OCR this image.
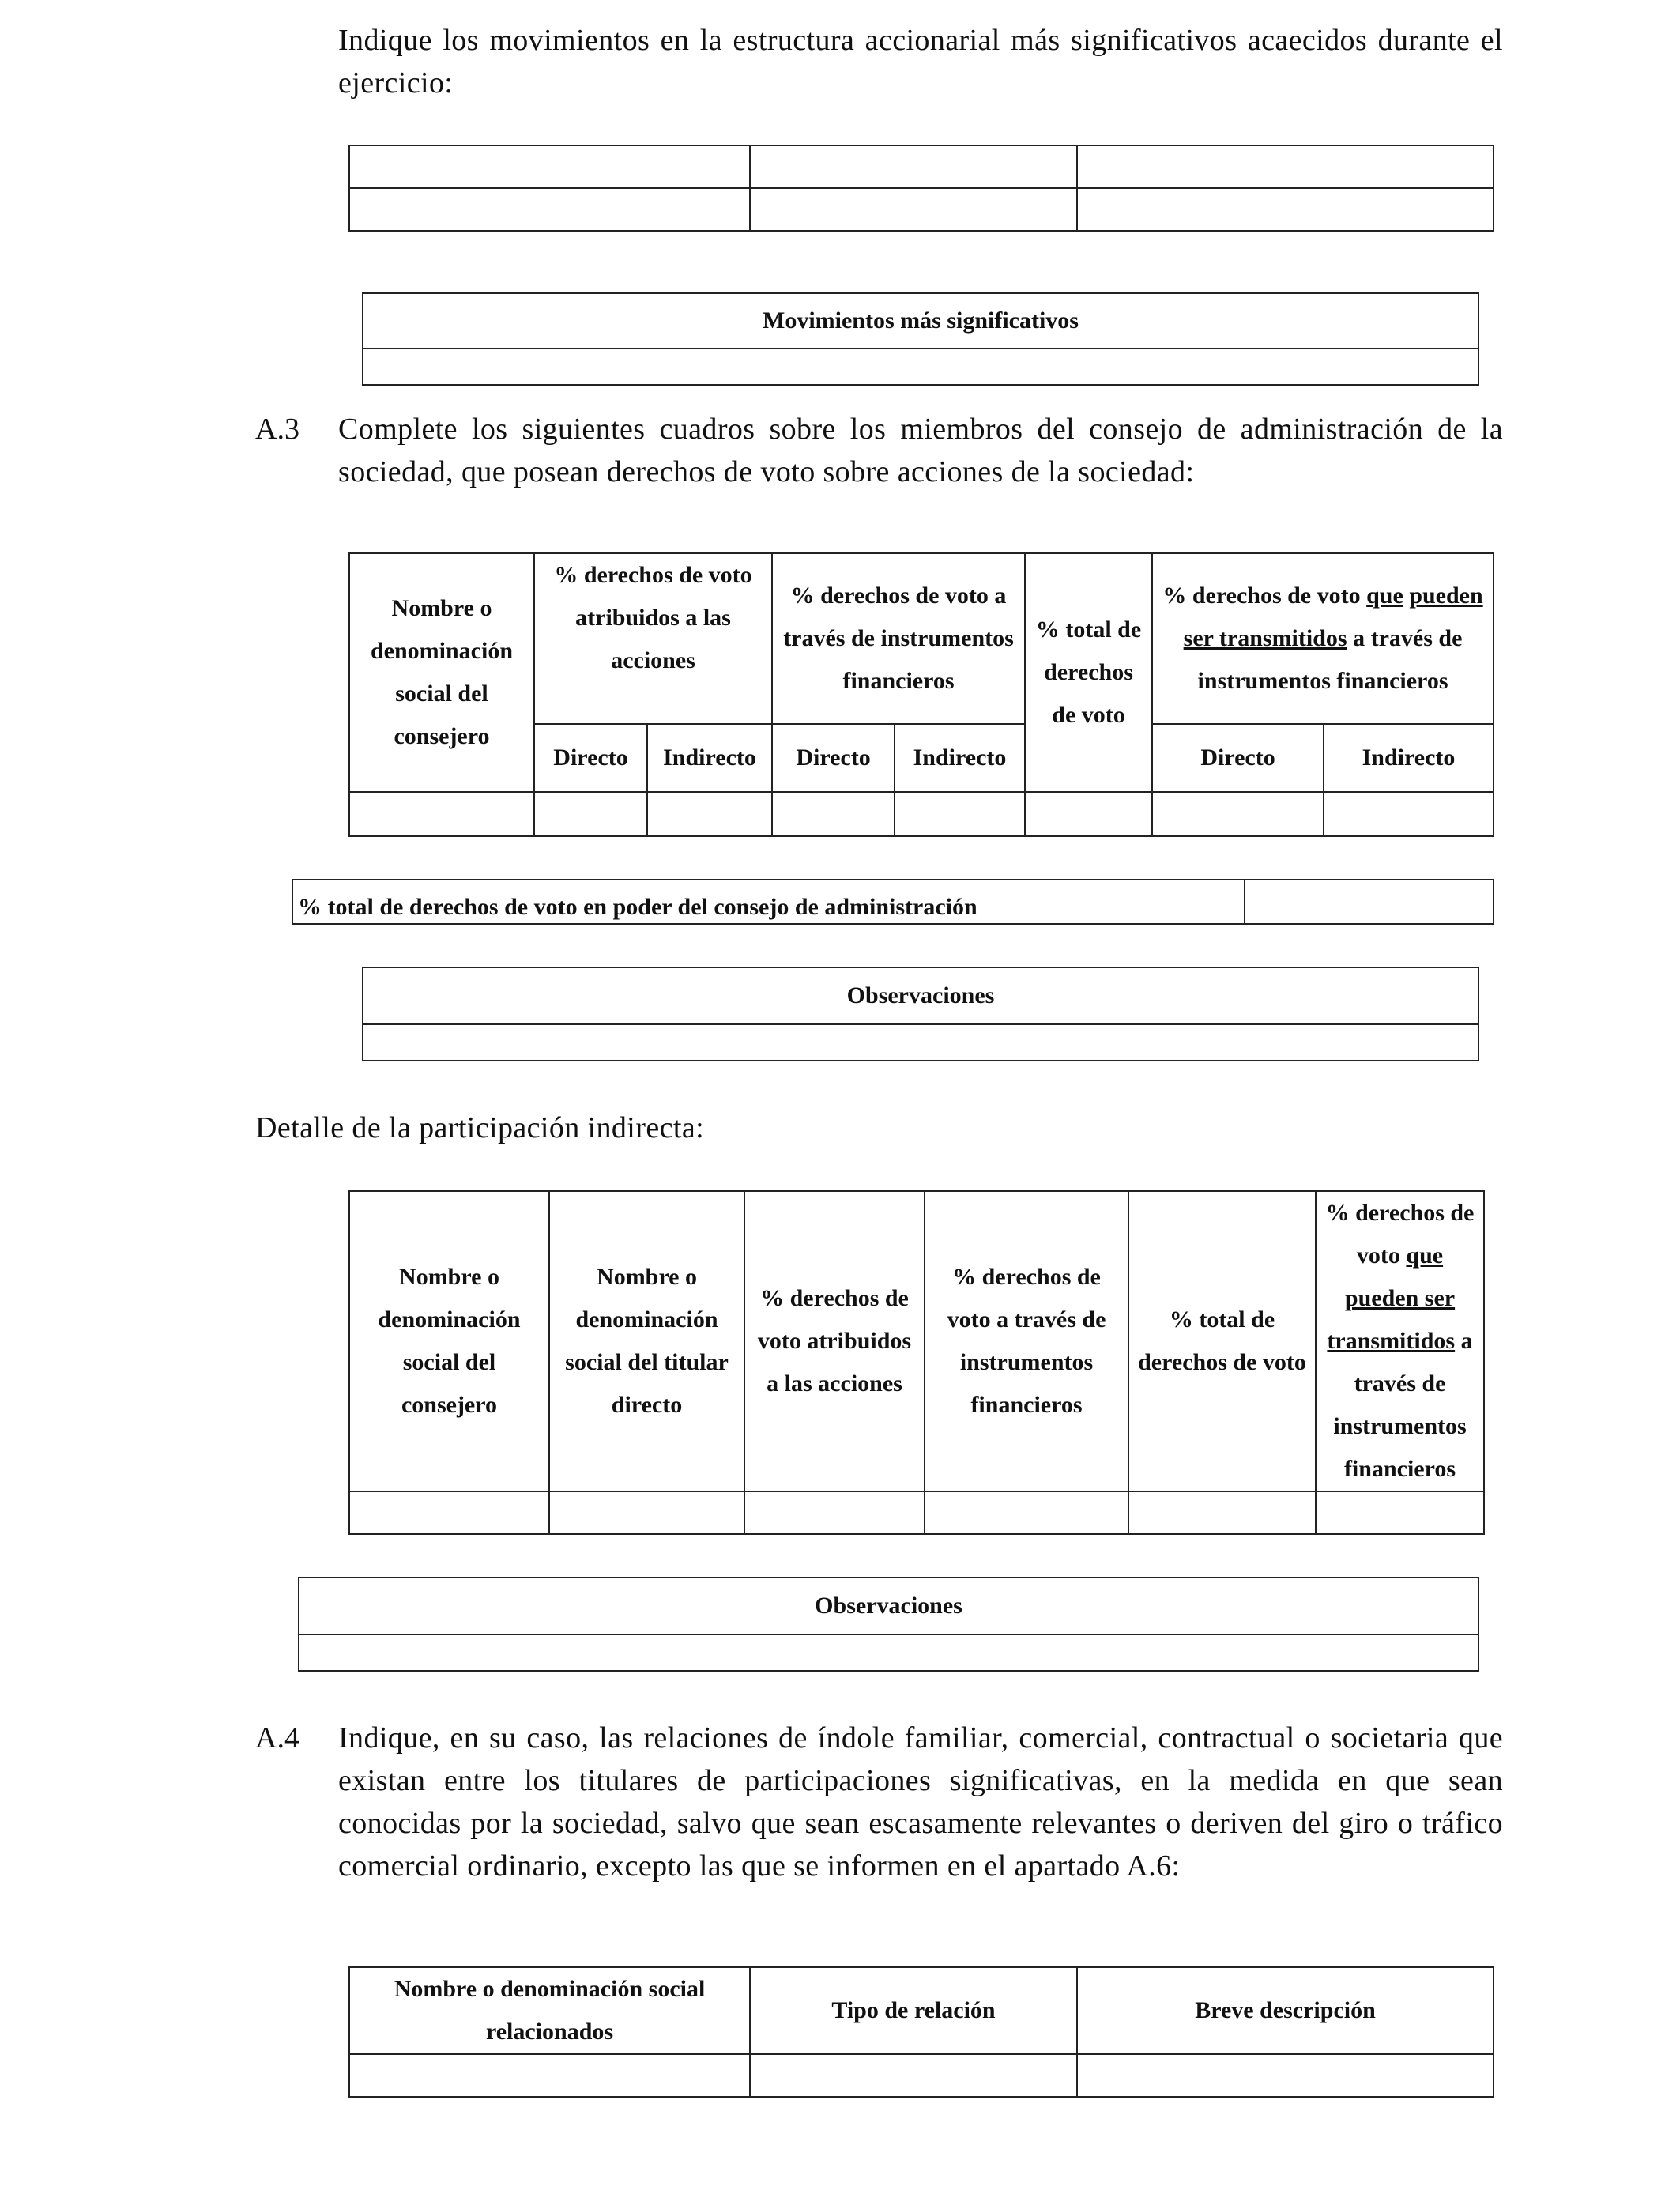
Indique los movimientos en la estructura accionarial más significativos acaecidos durante el ejercicio:

Movimientos más significativos

A.3 Complete los siguientes cuadros sobre los miembros del consejo de administración de la sociedad, que posean derechos de voto sobre acciones de la sociedad:

Nombre o denominación social del consejero	% derechos de voto atribuidos a las acciones		% derechos de voto a través de instrumentos financieros		% total de derechos de voto	% derechos de voto que pueden ser transmitidos a través de instrumentos financieros	
	Directo	Indirecto	Directo	Indirecto		Directo	Indirecto

% total de derechos de voto en poder del consejo de administración	
Observaciones

Detalle de la participación indirecta:

Nombre o denominación social del consejero	Nombre o denominación social del titular directo	% derechos de voto atribuidos a las acciones	% derechos de voto a través de instrumentos financieros	% total de derechos de voto	% derechos de voto que pueden ser transmitidos a través de instrumentos financieros

Observaciones

A.4 Indique, en su caso, las relaciones de índole familiar, comercial, contractual o societaria que existan entre los titulares de participaciones significativas, en la medida en que sean conocidas por la sociedad, salvo que sean escasamente relevantes o deriven del giro o tráfico comercial ordinario, excepto las que se informen en el apartado A.6:

Nombre o denominación social relacionados	Tipo de relación	Breve descripción
